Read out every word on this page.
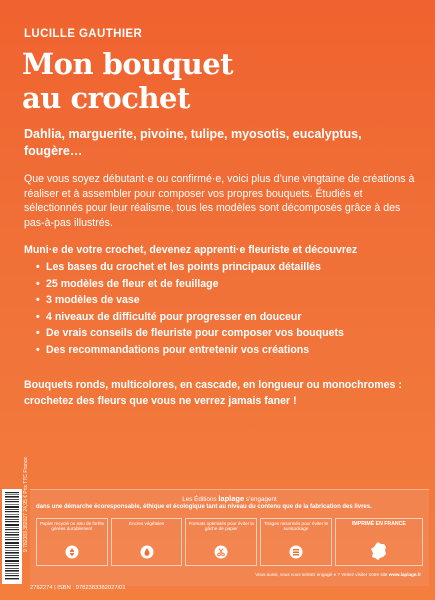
LUCILLE GAUTHIER

Mon bouquet
au crochet

Dahlia, marguerite, pivoine, tulipe, myosotis, eucalyptus, fougère…

Que vous soyez débutant·e ou confirmé·e, voici plus d’une vingtaine de créations à réaliser et à assembler pour composer vos propres bouquets. Étudiés et sélectionnés pour leur réalisme, tous les modèles sont décomposés grâce à des pas-à-pas illustrés.

Muni·e de votre crochet, devenez apprenti·e fleuriste et découvrez

• Les bases du crochet et les points principaux détaillés
• 25 modèles de fleur et de feuillage
• 3 modèles de vase
• 4 niveaux de difficulté pour progresser en douceur
• De vrais conseils de fleuriste pour composer vos bouquets
• Des recommandations pour entretenir vos créations

Bouquets ronds, multicolores, en cascade, en longueur ou monochromes : crochetez des fleurs que vous ne verrez jamais faner !

9 782383 382027 24,95 € Prix TTC France	Les Éditions laplage s’engagent

dans une démarche écoresponsable, éthique et écologique tant au niveau du contenu que de la fabrication des livres.

Papier recyclé ou issu de forêts gérées durablement
Encres végétales	Formats optimisés pour éviter la gâche de papier
Tirages raisonnés pour éviter le surstockage
IMPRIMÉ EN FRANCE

Vous aussi, vous vous sentez engagé·e ? Venez visiter notre site www.laplage.fr

2762274 | ISBN : 9782383382027/01
